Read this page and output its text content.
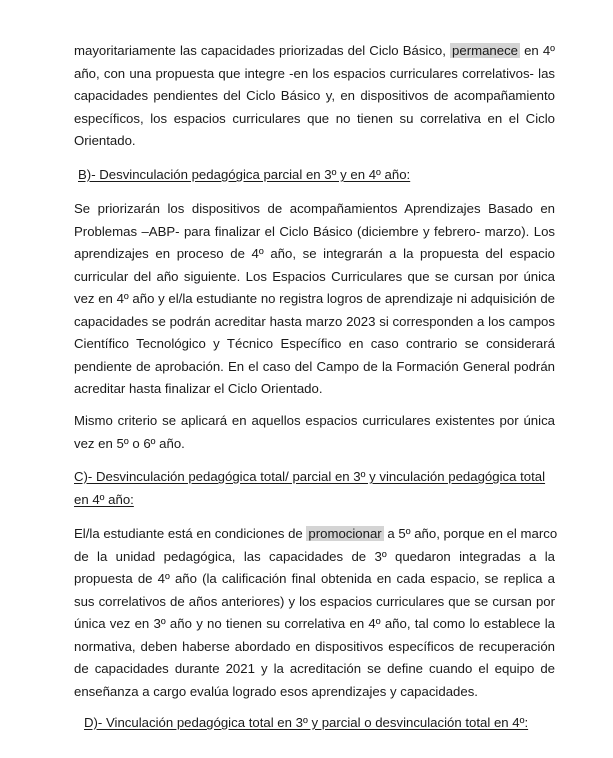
mayoritariamente las capacidades priorizadas del Ciclo Básico, permanece en 4º
año, con una propuesta que integre -en los espacios curriculares correlativos- las
capacidades pendientes del Ciclo Básico y, en dispositivos de acompañamiento
específicos, los espacios curriculares que no tienen su correlativa en el Ciclo
Orientado.

B)- Desvinculación pedagógica parcial en 3º y en 4º año:

Se priorizarán los dispositivos de acompañamientos Aprendizajes Basado en
Problemas –ABP- para finalizar el Ciclo Básico (diciembre y febrero- marzo). Los
aprendizajes en proceso de 4º año, se integrarán a la propuesta del espacio
curricular del año siguiente. Los Espacios Curriculares que se cursan por única
vez en 4º año y el/la estudiante no registra logros de aprendizaje ni adquisición de
capacidades se podrán acreditar hasta marzo 2023 si corresponden a los campos
Científico Tecnológico y Técnico Específico en caso contrario se considerará
pendiente de aprobación. En el caso del Campo de la Formación General podrán
acreditar hasta finalizar el Ciclo Orientado.

Mismo criterio se aplicará en aquellos espacios curriculares existentes por única
vez en 5º o 6º año.

C)- Desvinculación pedagógica total/ parcial en 3º y vinculación pedagógica total
en 4º año:

El/la estudiante está en condiciones de promocionar a 5º año, porque en el marco
de la unidad pedagógica, las capacidades de 3º quedaron integradas a la
propuesta de 4º año (la calificación final obtenida en cada espacio, se replica a
sus correlativos de años anteriores) y los espacios curriculares que se cursan por
única vez en 3º año y no tienen su correlativa en 4º año, tal como lo establece la
normativa, deben haberse abordado en dispositivos específicos de recuperación
de capacidades durante 2021 y la acreditación se define cuando el equipo de
enseñanza a cargo evalúa logrado esos aprendizajes y capacidades.

D)- Vinculación pedagógica total en 3º y parcial o desvinculación total en 4º:
